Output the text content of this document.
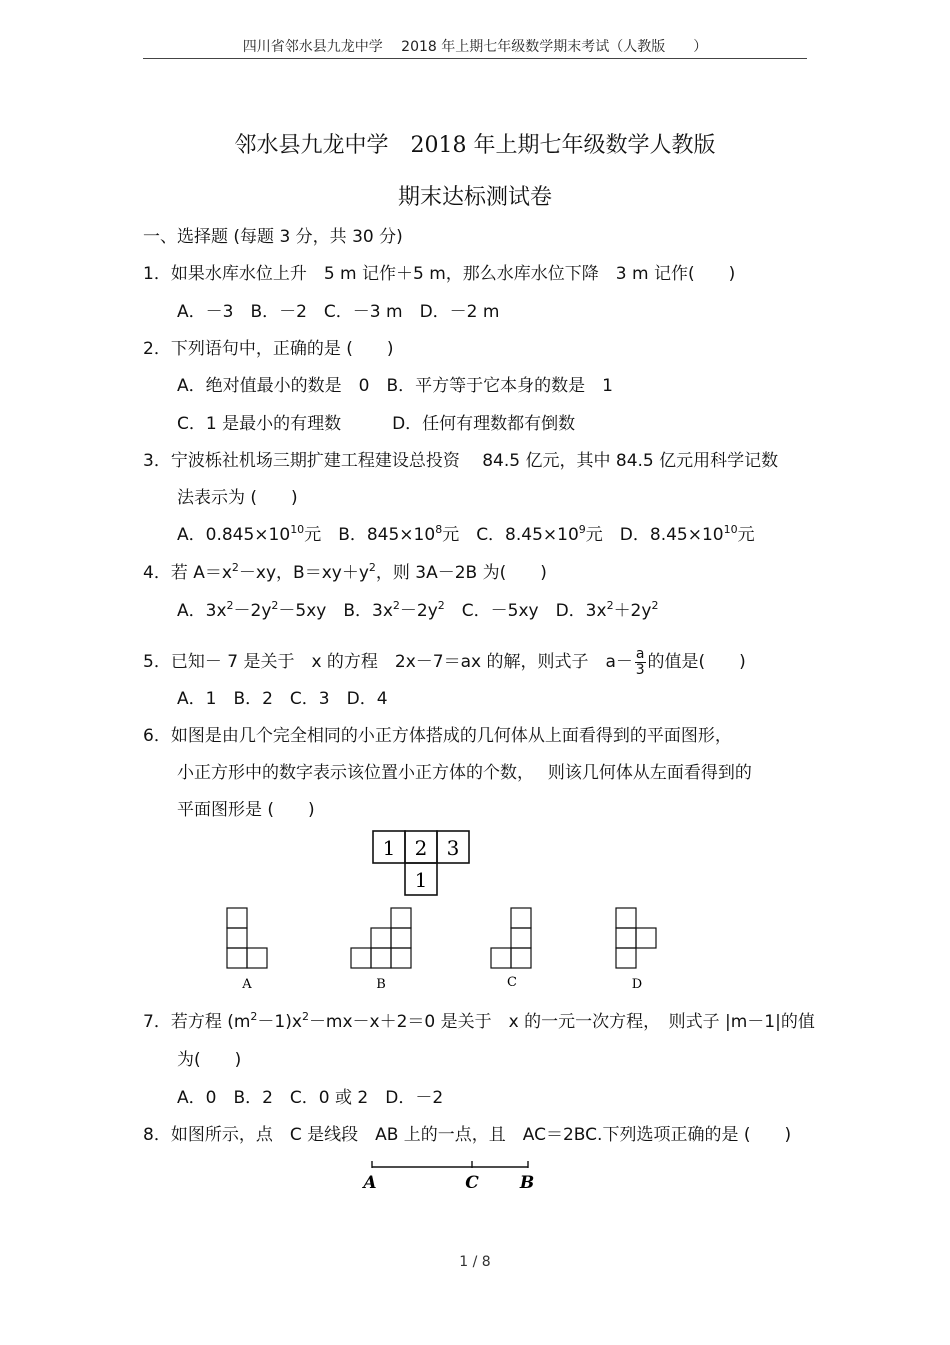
四川省邻水县九龙中学　 2018 年上期七年级数学期末考试（人教版　　）
邻水县九龙中学　2018 年上期七年级数学人教版
期末达标测试卷
一、选择题 (每题 3 分，共 30 分)
1．如果水库水位上升　5 m 记作＋5 m，那么水库水位下降　3 m 记作(　　)
A．－3　B．－2　C．－3 m　D．－2 m
2．下列语句中，正确的是 (　　)
A．绝对值最小的数是　0　B．平方等于它本身的数是　1
C．1 是最小的有理数　　　D．任何有理数都有倒数
3．宁波栎社机场三期扩建工程建设总投资　 84.5 亿元，其中 84.5 亿元用科学记数
法表示为 (　　)
A．$0.845\times 10^{10}$元　 B．$845\times 10^8$元　 C．$8.45\times 10^9$元　 D．$8.45\times 10^{10}$元
4．若 $A=x^2-xy$，$B=xy+y^2$，则 3A－2B 为(　　)
A．$3x^2-2y^2-5xy$　 B．$3x^2-2y^2$　 C．－5xy　 D．$3x^2+2y^2$
5．已知－ 7 是关于　x 的方程　2x－7＝ax 的解，则式子　$a- \frac{a}{3}$ 的值是(　　)
A．1　B．2　C．3　D．4
6．如图是由几个完全相同的小正方体搭成的几何体从上面看得到的平面图形，
小正方形中的数字表示该位置小正方体的个数，　 则该几何体从左面看得到的
平面图形是 (　　)
1 2 3
1
A	B	C	D
A	C B
7．若方程 $(m^2-1)x^2-mx-x+2=0$ 是关于　x 的一元一次方程，　则式子 |m－1|的值
为(　　)
A．0　B．2　C．0 或 2　D．－2
8．如图所示，点　C 是线段　AB 上的一点，且　AC＝2BC.下列选项正确的是 (　　)
1 / 8
